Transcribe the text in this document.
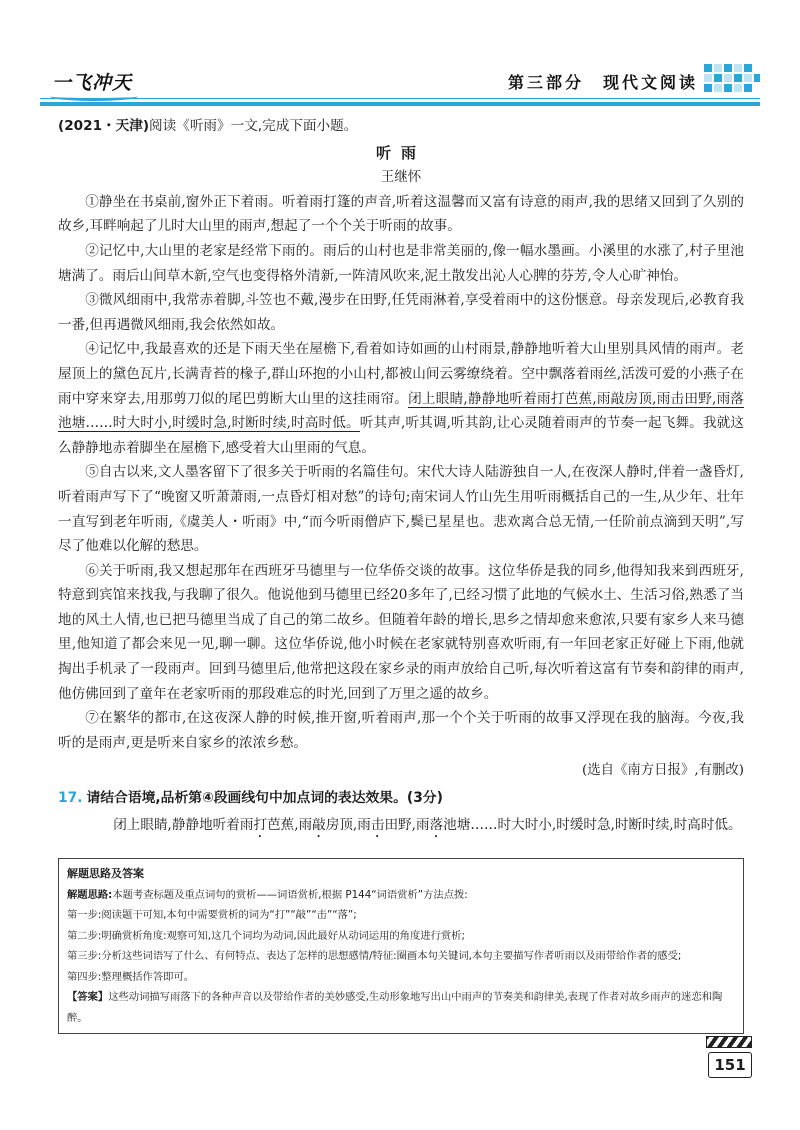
一飞冲天	第三部分　现代文阅读

(2021・天津)阅读《听雨》一文,完成下面小题。

听雨

王继怀

①静坐在书桌前,窗外正下着雨。听着雨打篷的声音,听着这温馨而又富有诗意的雨声,我的思绪又回到了久别的故乡,耳畔响起了儿时大山里的雨声,想起了一个个关于听雨的故事。

②记忆中,大山里的老家是经常下雨的。雨后的山村也是非常美丽的,像一幅水墨画。小溪里的水涨了,村子里池塘满了。雨后山间草木新,空气也变得格外清新,一阵清风吹来,泥土散发出沁人心脾的芬芳,令人心旷神怡。

③微风细雨中,我常赤着脚,斗笠也不戴,漫步在田野,任凭雨淋着,享受着雨中的这份惬意。母亲发现后,必教育我一番,但再遇微风细雨,我会依然如故。

④记忆中,我最喜欢的还是下雨天坐在屋檐下,看着如诗如画的山村雨景,静静地听着大山里别具风情的雨声。老屋顶上的黛色瓦片,长满青苔的椽子,群山环抱的小山村,都被山间云雾缭绕着。空中飘落着雨丝,活泼可爱的小燕子在雨中穿来穿去,用那剪刀似的尾巴剪断大山里的这挂雨帘。闭上眼睛,静静地听着雨打芭蕉,雨敲房顶,雨击田野,雨落池塘……时大时小,时缓时急,时断时续,时高时低。听其声,听其调,听其韵,让心灵随着雨声的节奏一起飞舞。我就这么静静地赤着脚坐在屋檐下,感受着大山里雨的气息。

⑤自古以来,文人墨客留下了很多关于听雨的名篇佳句。宋代大诗人陆游独自一人,在夜深人静时,伴着一盏昏灯,听着雨声写下了“晚窗又听萧萧雨,一点昏灯相对愁”的诗句;南宋词人竹山先生用听雨概括自己的一生,从少年、壮年一直写到老年听雨,《虞美人・听雨》中,“而今听雨僧庐下,鬓已星星也。悲欢离合总无情,一任阶前点滴到天明”,写尽了他难以化解的愁思。

⑥关于听雨,我又想起那年在西班牙马德里与一位华侨交谈的故事。这位华侨是我的同乡,他得知我来到西班牙,特意到宾馆来找我,与我聊了很久。他说他到马德里已经20多年了,已经习惯了此地的气候水土、生活习俗,熟悉了当地的风土人情,也已把马德里当成了自己的第二故乡。但随着年龄的增长,思乡之情却愈来愈浓,只要有家乡人来马德里,他知道了都会来见一见,聊一聊。这位华侨说,他小时候在老家就特别喜欢听雨,有一年回老家正好碰上下雨,他就掏出手机录了一段雨声。回到马德里后,他常把这段在家乡录的雨声放给自己听,每次听着这富有节奏和韵律的雨声,他仿佛回到了童年在老家听雨的那段难忘的时光,回到了万里之遥的故乡。

⑦在繁华的都市,在这夜深人静的时候,推开窗,听着雨声,那一个个关于听雨的故事又浮现在我的脑海。今夜,我听的是雨声,更是听来自家乡的浓浓乡愁。

(选自《南方日报》,有删改)

17. 请结合语境,品析第④段画线句中加点词的表达效果。(3分)

闭上眼睛,静静地听着雨打芭蕉,雨敲房顶,雨击田野,雨落池塘……时大时小,时缓时急,时断时续,时高时低。

解题思路及答案

解题思路:本题考查标题及重点词句的赏析——词语赏析,根据 P144“词语赏析”方法点拨:

第一步:阅读题干可知,本句中需要赏析的词为“打”“敲”“击”“落”;

第二步:明确赏析角度:观察可知,这几个词均为动词,因此最好从动词运用的角度进行赏析;

第三步:分析这些词语写了什么、有何特点、表达了怎样的思想感情/特征:圈画本句关键词,本句主要描写作者听雨以及雨带给作者的感受;

第四步:整理概括作答即可。

【答案】这些动词描写雨落下的各种声音以及带给作者的美妙感受,生动形象地写出山中雨声的节奏美和韵律美,表现了作者对故乡雨声的迷恋和陶醉。

151
